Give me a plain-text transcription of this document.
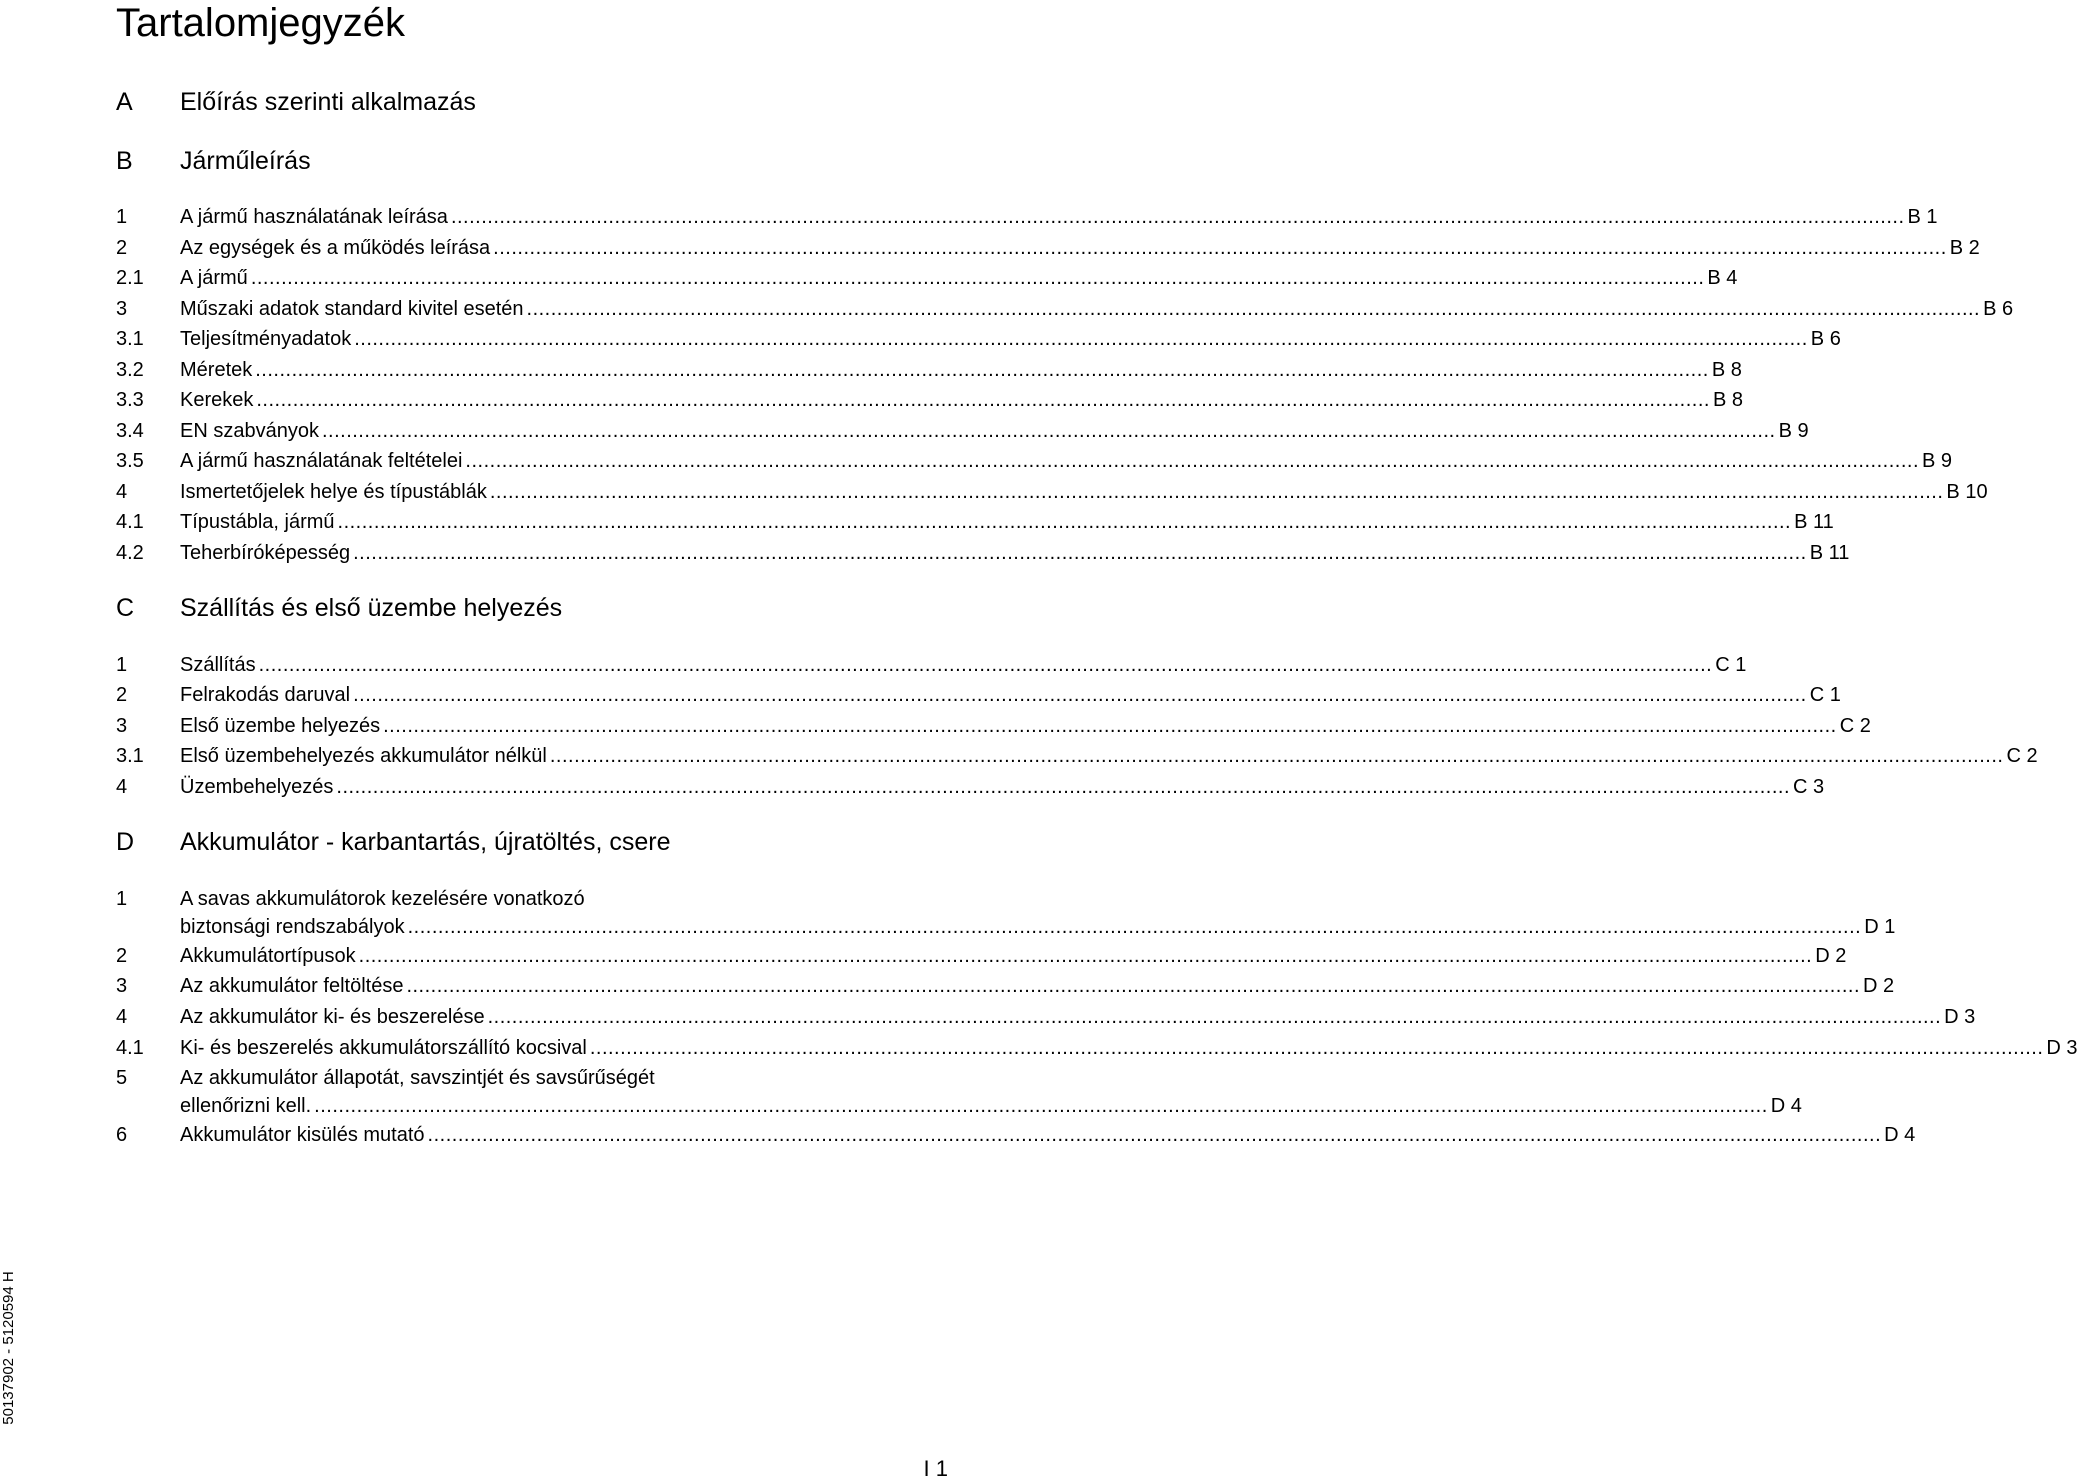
Tartalomjegyzék
A Előírás szerinti alkalmazás
B Járműleírás
1	A jármű használatának leírása ................................................................................................................................................................................................................................................ B 1
2	Az egységek és a működés leírása ................................................................................................................................................................................................................................................ B 2
2.1 A jármű ................................................................................................................................................................................................................................................ B 4
3	Műszaki adatok standard kivitel esetén ................................................................................................................................................................................................................................................ B 6
3.1 Teljesítményadatok ................................................................................................................................................................................................................................................ B 6
3.2 Méretek ................................................................................................................................................................................................................................................ B 8
3.3 Kerekek ................................................................................................................................................................................................................................................ B 8
3.4 EN szabványok ................................................................................................................................................................................................................................................ B 9
3.5 A jármű használatának feltételei ................................................................................................................................................................................................................................................ B 9
4	Ismertetőjelek helye és típustáblák ................................................................................................................................................................................................................................................ B 10
4.1 Típustábla, jármű ................................................................................................................................................................................................................................................ B 11
4.2 Teherbíróképesség ................................................................................................................................................................................................................................................ B 11
C Szállítás és első üzembe helyezés
1	Szállítás ................................................................................................................................................................................................................................................ C 1
2	Felrakodás daruval ................................................................................................................................................................................................................................................ C 1
3	Első üzembe helyezés ................................................................................................................................................................................................................................................ C 2
3.1 Első üzembehelyezés akkumulátor nélkül ................................................................................................................................................................................................................................................ C 2
4	Üzembehelyezés ................................................................................................................................................................................................................................................ C 3
D Akkumulátor - karbantartás, újratöltés, csere
1	A savas akkumulátorok kezelésére vonatkozó
biztonsági rendszabályok ................................................................................................................................................................................................................................................ D 1
2	Akkumulátortípusok ................................................................................................................................................................................................................................................ D 2
3	Az akkumulátor feltöltése ................................................................................................................................................................................................................................................ D 2
4	Az akkumulátor ki- és beszerelése ................................................................................................................................................................................................................................................ D 3
4.1 Ki- és beszerelés akkumulátorszállító kocsival ................................................................................................................................................................................................................................................ D 3
5	Az akkumulátor állapotát, savszintjét és savsűrűségét
ellenőrizni kell. ................................................................................................................................................................................................................................................ D 4
6	Akkumulátor kisülés mutató ................................................................................................................................................................................................................................................ D 4
50137902 - 5120594 H
I 1
